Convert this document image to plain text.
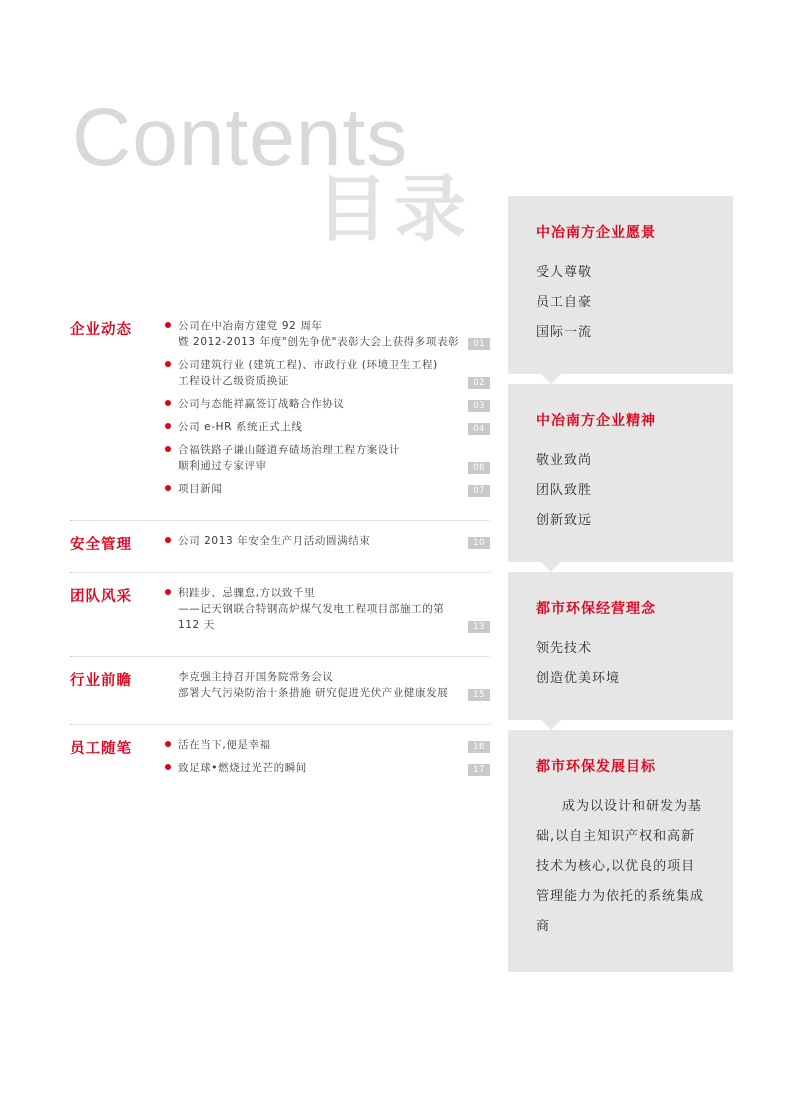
Contents
目录
企业动态	公司在中冶南方建党 92 周年
暨 2012-2013 年度"创先争优"表彰大会上获得多项表彰	01
公司建筑行业 (建筑工程)、市政行业 (环境卫生工程)
工程设计乙级资质换证	02
公司与态能祥赢签订战略合作协议	03
公司 e-HR 系统正式上线	04
合福铁路子谦山隧道弃碴场治理工程方案设计
顺利通过专家评审	06
项目新闻	07
安全管理	公司 2013 年安全生产月活动圆满结束	10
团队风采	积跬步、忌骤怠,方以致千里
——记天钢联合特钢高炉煤气发电工程项目部施工的第 112 天	13
行业前瞻	李克强主持召开国务院常务会议
部署大气污染防治十条措施 研究促进光伏产业健康发展	15
员工随笔	活在当下,便是幸福	16
致足球•燃烧过光芒的瞬间	17
中冶南方企业愿景
受人尊敬
员工自豪
国际一流
中冶南方企业精神
敬业致尚
团队致胜
创新致远
都市环保经营理念
领先技术
创造优美环境
都市环保发展目标

成为以设计和研发为基础,以自主知识产权和高新技术为核心,以优良的项目管理能力为依托的系统集成商
